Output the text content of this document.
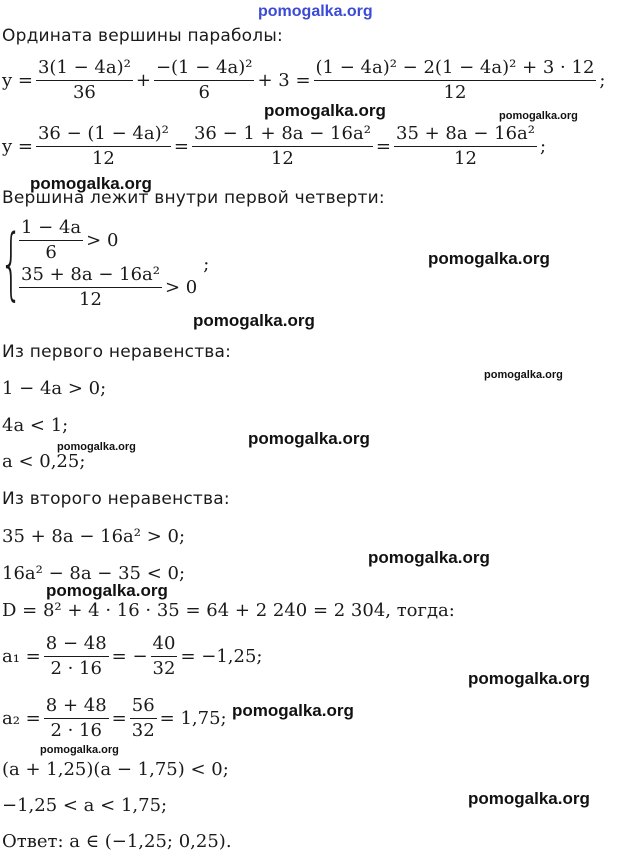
pomogalka.org
pomogalka.org	pomogalka.org
pomogalka.org
pomogalka.org
pomogalka.org
pomogalka.org
pomogalka.org
pomogalka.org
pomogalka.org
pomogalka.org
pomogalka.org
pomogalka.org
pomogalka.org
pomogalka.org
Ордината вершины параболы:
$y = \frac{\text{3(1 − 4a)²}}{36} + \frac{\text{−(1 − 4a)²}}{6} + 3 = \frac{\text{(1 − 4a)² − 2(1 − 4a)² + 3 · 12}}{12}$ ;
$y = \frac{\text{36 − (1 − 4a)²}}{12} = \frac{\text{36 − 1 + 8a − 16a²}}{12} = \frac{\text{35 + 8a − 16a²}}{12}$ ;
Вершина лежит внутри первой четверти:
{
$\frac{1 - 4a}{6} > 0$
$\frac{\text{35 + 8a − 16a²}}{12} > 0$
;
Из первого неравенства:
1 − 4a > 0;
4a < 1;
a < 0,25;
Из второго неравенства:
35 + 8a − 16a² > 0;
16a² − 8a − 35 < 0;
D = 8² + 4 · 16 · 35 = 64 + 2 240 = 2 304, тогда:
$a_1 = \frac{8 - 48}{2 \cdot 16}$ = − $\frac{40}{32} = -1,25$;
$a_2 = \frac{8 + 48}{2 \cdot 16} = \frac{56}{32} = 1,75$;
(a + 1,25)(a − 1,75) < 0;
−1,25 < a < 1,75;
Ответ: a ∈ (−1,25; 0,25).
